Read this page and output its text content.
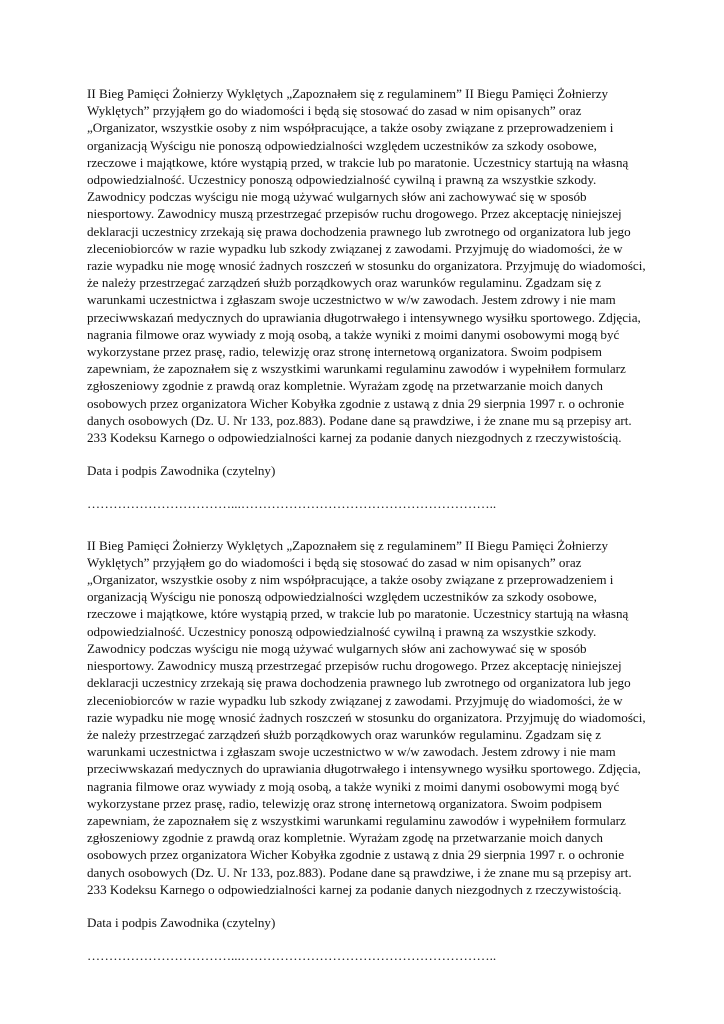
II Bieg Pamięci Żołnierzy Wyklętych „Zapoznałem się z regulaminem” II Biegu Pamięci Żołnierzy Wyklętych” przyjąłem go do wiadomości i będą się stosować do zasad w nim opisanych” oraz „Organizator, wszystkie osoby z nim współpracujące, a także osoby związane z przeprowadzeniem i organizacją Wyścigu nie ponoszą odpowiedzialności względem uczestników za szkody osobowe, rzeczowe i majątkowe, które wystąpią przed, w trakcie lub po maratonie. Uczestnicy startują na własną odpowiedzialność. Uczestnicy ponoszą odpowiedzialność cywilną i prawną za wszystkie szkody. Zawodnicy podczas wyścigu nie mogą używać wulgarnych słów ani zachowywać się w sposób niesportowy. Zawodnicy muszą przestrzegać przepisów ruchu drogowego. Przez akceptację niniejszej deklaracji uczestnicy zrzekają się prawa dochodzenia prawnego lub zwrotnego od organizatora lub jego zleceniobiorców w razie wypadku lub szkody związanej z zawodami. Przyjmuję do wiadomości, że w razie wypadku nie mogę wnosić żadnych roszczeń w stosunku do organizatora. Przyjmuję do wiadomości, że należy przestrzegać zarządzeń służb porządkowych oraz warunków regulaminu. Zgadzam się z warunkami uczestnictwa i zgłaszam swoje uczestnictwo w w/w zawodach. Jestem zdrowy i nie mam przeciwwskazań medycznych do uprawiania długotrwałego i intensywnego wysiłku sportowego. Zdjęcia, nagrania filmowe oraz wywiady z moją osobą, a także wyniki z moimi danymi osobowymi mogą być wykorzystane przez prasę, radio, telewizję oraz stronę internetową organizatora. Swoim podpisem zapewniam, że zapoznałem się z wszystkimi warunkami regulaminu zawodów i wypełniłem formularz zgłoszeniowy zgodnie z prawdą oraz kompletnie. Wyrażam zgodę na przetwarzanie moich danych osobowych przez organizatora Wicher Kobyłka zgodnie z ustawą z dnia 29 sierpnia 1997 r. o ochronie danych osobowych (Dz. U. Nr 133, poz.883). Podane dane są prawdziwe, i że znane mu są przepisy art. 233 Kodeksu Karnego o odpowiedzialności karnej za podanie danych niezgodnych z rzeczywistością.

Data i podpis Zawodnika (czytelny)

……………………………...…………………………………………………..

II Bieg Pamięci Żołnierzy Wyklętych „Zapoznałem się z regulaminem” II Biegu Pamięci Żołnierzy Wyklętych” przyjąłem go do wiadomości i będą się stosować do zasad w nim opisanych” oraz „Organizator, wszystkie osoby z nim współpracujące, a także osoby związane z przeprowadzeniem i organizacją Wyścigu nie ponoszą odpowiedzialności względem uczestników za szkody osobowe, rzeczowe i majątkowe, które wystąpią przed, w trakcie lub po maratonie. Uczestnicy startują na własną odpowiedzialność. Uczestnicy ponoszą odpowiedzialność cywilną i prawną za wszystkie szkody. Zawodnicy podczas wyścigu nie mogą używać wulgarnych słów ani zachowywać się w sposób niesportowy. Zawodnicy muszą przestrzegać przepisów ruchu drogowego. Przez akceptację niniejszej deklaracji uczestnicy zrzekają się prawa dochodzenia prawnego lub zwrotnego od organizatora lub jego zleceniobiorców w razie wypadku lub szkody związanej z zawodami. Przyjmuję do wiadomości, że w razie wypadku nie mogę wnosić żadnych roszczeń w stosunku do organizatora. Przyjmuję do wiadomości, że należy przestrzegać zarządzeń służb porządkowych oraz warunków regulaminu. Zgadzam się z warunkami uczestnictwa i zgłaszam swoje uczestnictwo w w/w zawodach. Jestem zdrowy i nie mam przeciwwskazań medycznych do uprawiania długotrwałego i intensywnego wysiłku sportowego. Zdjęcia, nagrania filmowe oraz wywiady z moją osobą, a także wyniki z moimi danymi osobowymi mogą być wykorzystane przez prasę, radio, telewizję oraz stronę internetową organizatora. Swoim podpisem zapewniam, że zapoznałem się z wszystkimi warunkami regulaminu zawodów i wypełniłem formularz zgłoszeniowy zgodnie z prawdą oraz kompletnie. Wyrażam zgodę na przetwarzanie moich danych osobowych przez organizatora Wicher Kobyłka zgodnie z ustawą z dnia 29 sierpnia 1997 r. o ochronie danych osobowych (Dz. U. Nr 133, poz.883). Podane dane są prawdziwe, i że znane mu są przepisy art. 233 Kodeksu Karnego o odpowiedzialności karnej za podanie danych niezgodnych z rzeczywistością.

Data i podpis Zawodnika (czytelny)

……………………………...…………………………………………………..
